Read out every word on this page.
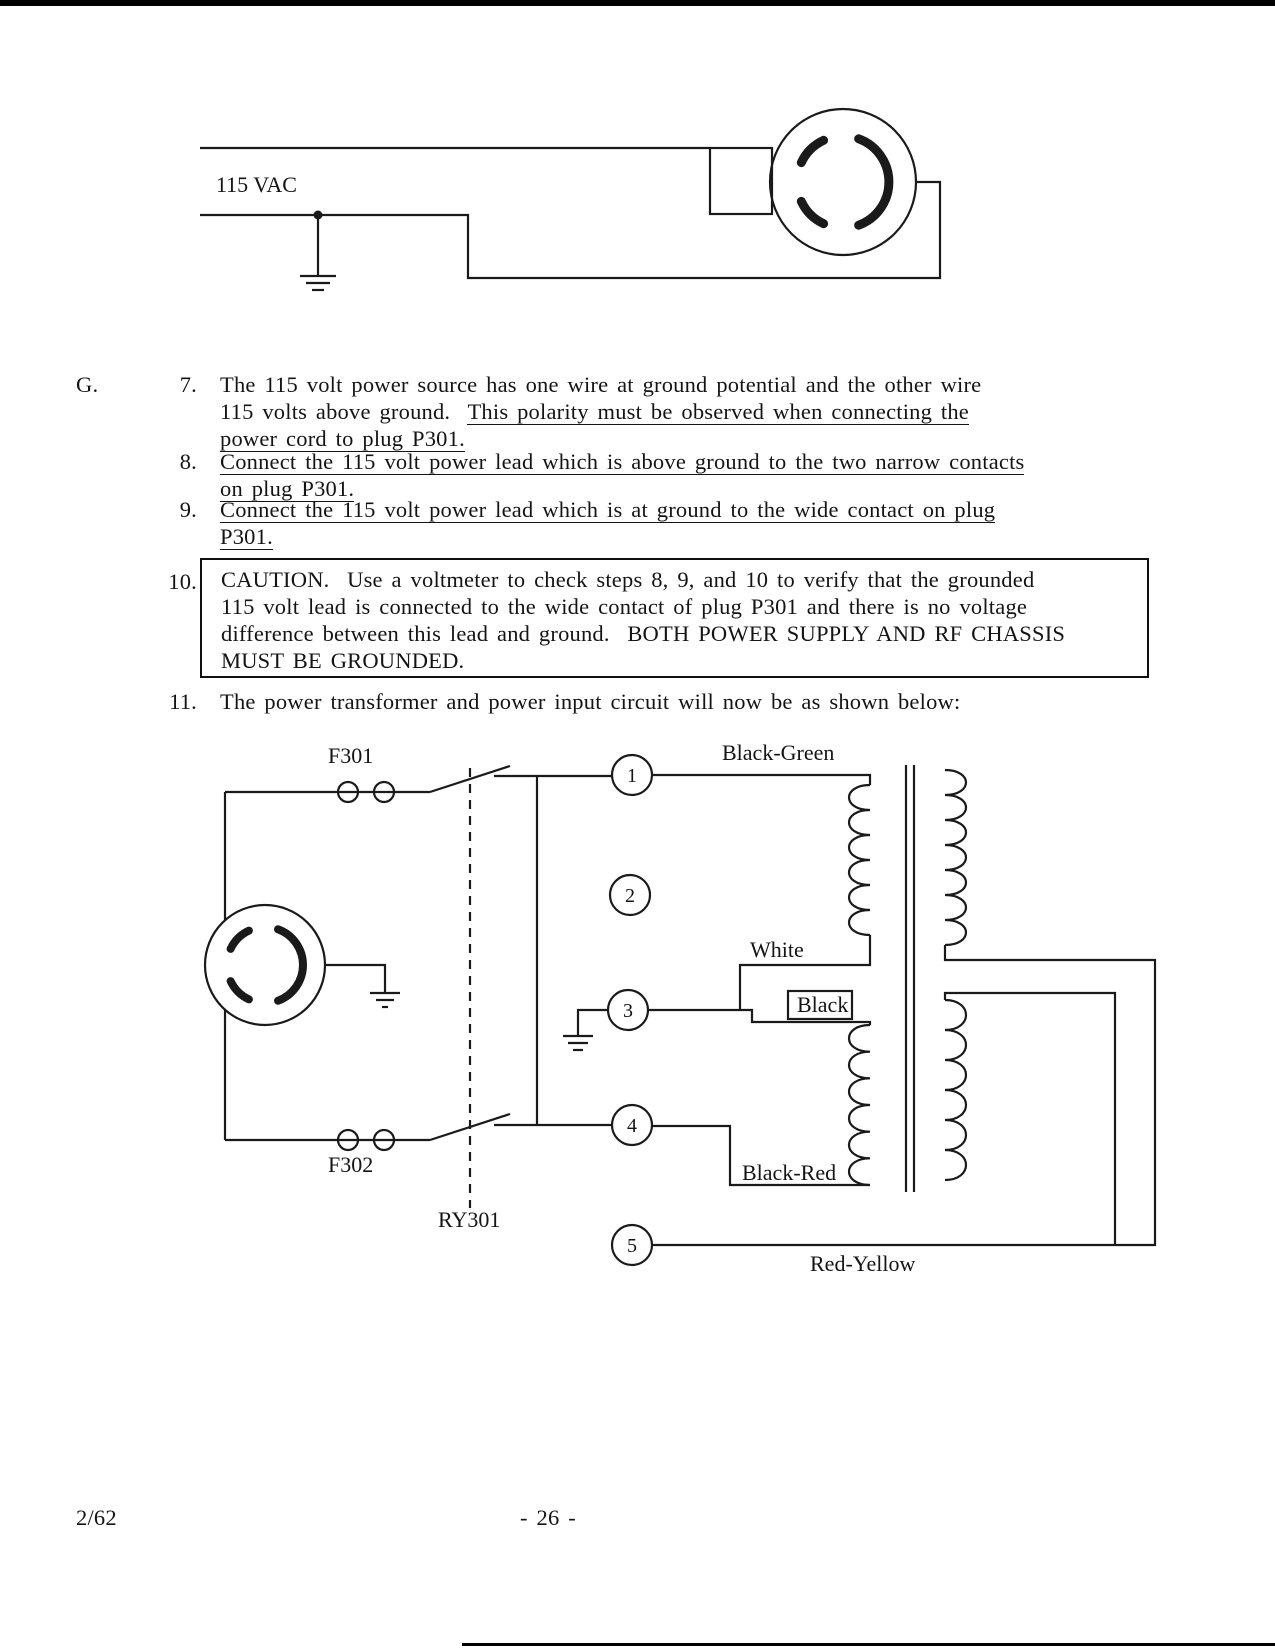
115 VAC
G.	7. The 115 volt power source has one wire at ground potential and the other wire
115 volts above ground.  This polarity must be observed when connecting the
power cord to plug P301.
8. Connect the 115 volt power lead which is above ground to the two narrow contacts
on plug P301.
9. Connect the 115 volt power lead which is at ground to the wide contact on plug
P301.
10. CAUTION.  Use a voltmeter to check steps 8, 9, and 10 to verify that the grounded
115 volt lead is connected to the wide contact of plug P301 and there is no voltage
difference between this lead and ground.  BOTH POWER SUPPLY AND RF CHASSIS
MUST BE GROUNDED.
11. The power transformer and power input circuit will now be as shown below:
F301
F302
RY301
1
2
3
4
5
Black-Green
White
Black
Black-Red
Red-Yellow
2/62	- 26 -
